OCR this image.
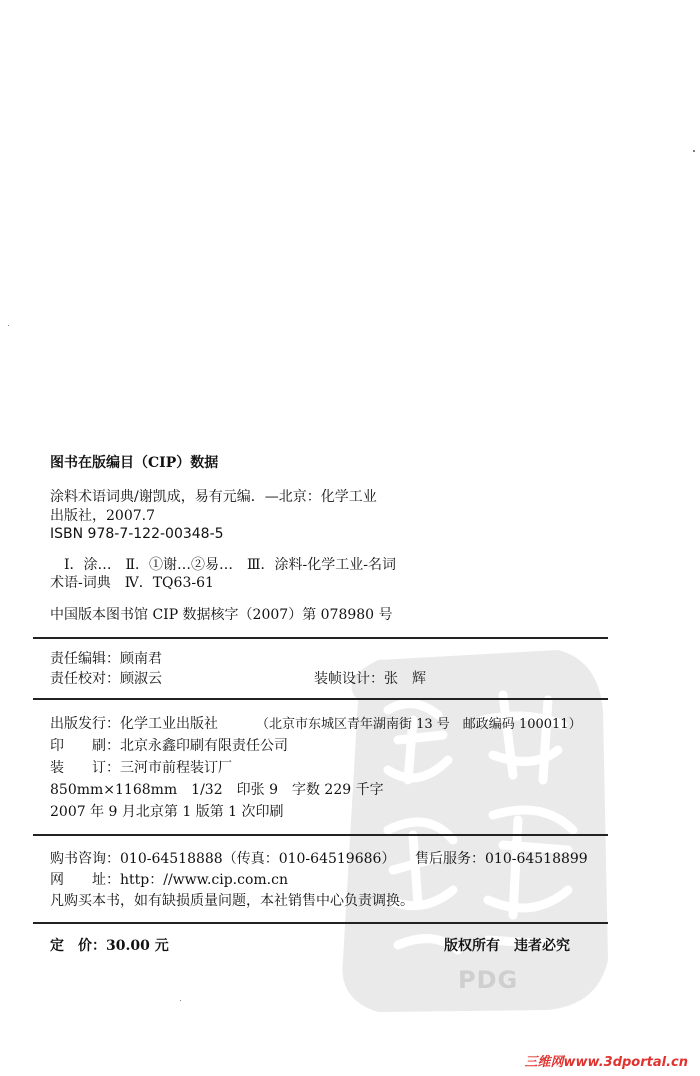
PDG
图书在版编目（CIP）数据
涂料术语词典/谢凯成，易有元编．—北京：化学工业
出版社，2007.7
ISBN 978-7-122-00348-5
Ⅰ．涂…　Ⅱ．①谢…②易…　Ⅲ．涂料-化学工业-名词
术语-词典　Ⅳ．TQ63-61
中国版本图书馆 CIP 数据核字（2007）第 078980 号
责任编辑：顾南君
责任校对：顾淑云	装帧设计：张　辉
出版发行：化学工业出版社	（北京市东城区青年湖南街 13 号　邮政编码 100011）
印　　刷：北京永鑫印刷有限责任公司
装　　订：三河市前程装订厂
850mm×1168mm　1/32　印张 9　字数 229 千字
2007 年 9 月北京第 1 版第 1 次印刷
购书咨询：010-64518888（传真：010-64519686） 售后服务：010-64518899
网　　址：http：//www.cip.com.cn
凡购买本书，如有缺损质量问题，本社销售中心负责调换。
定　价：30.00 元	版权所有　违者必究
三维网www.3dportal.cn
